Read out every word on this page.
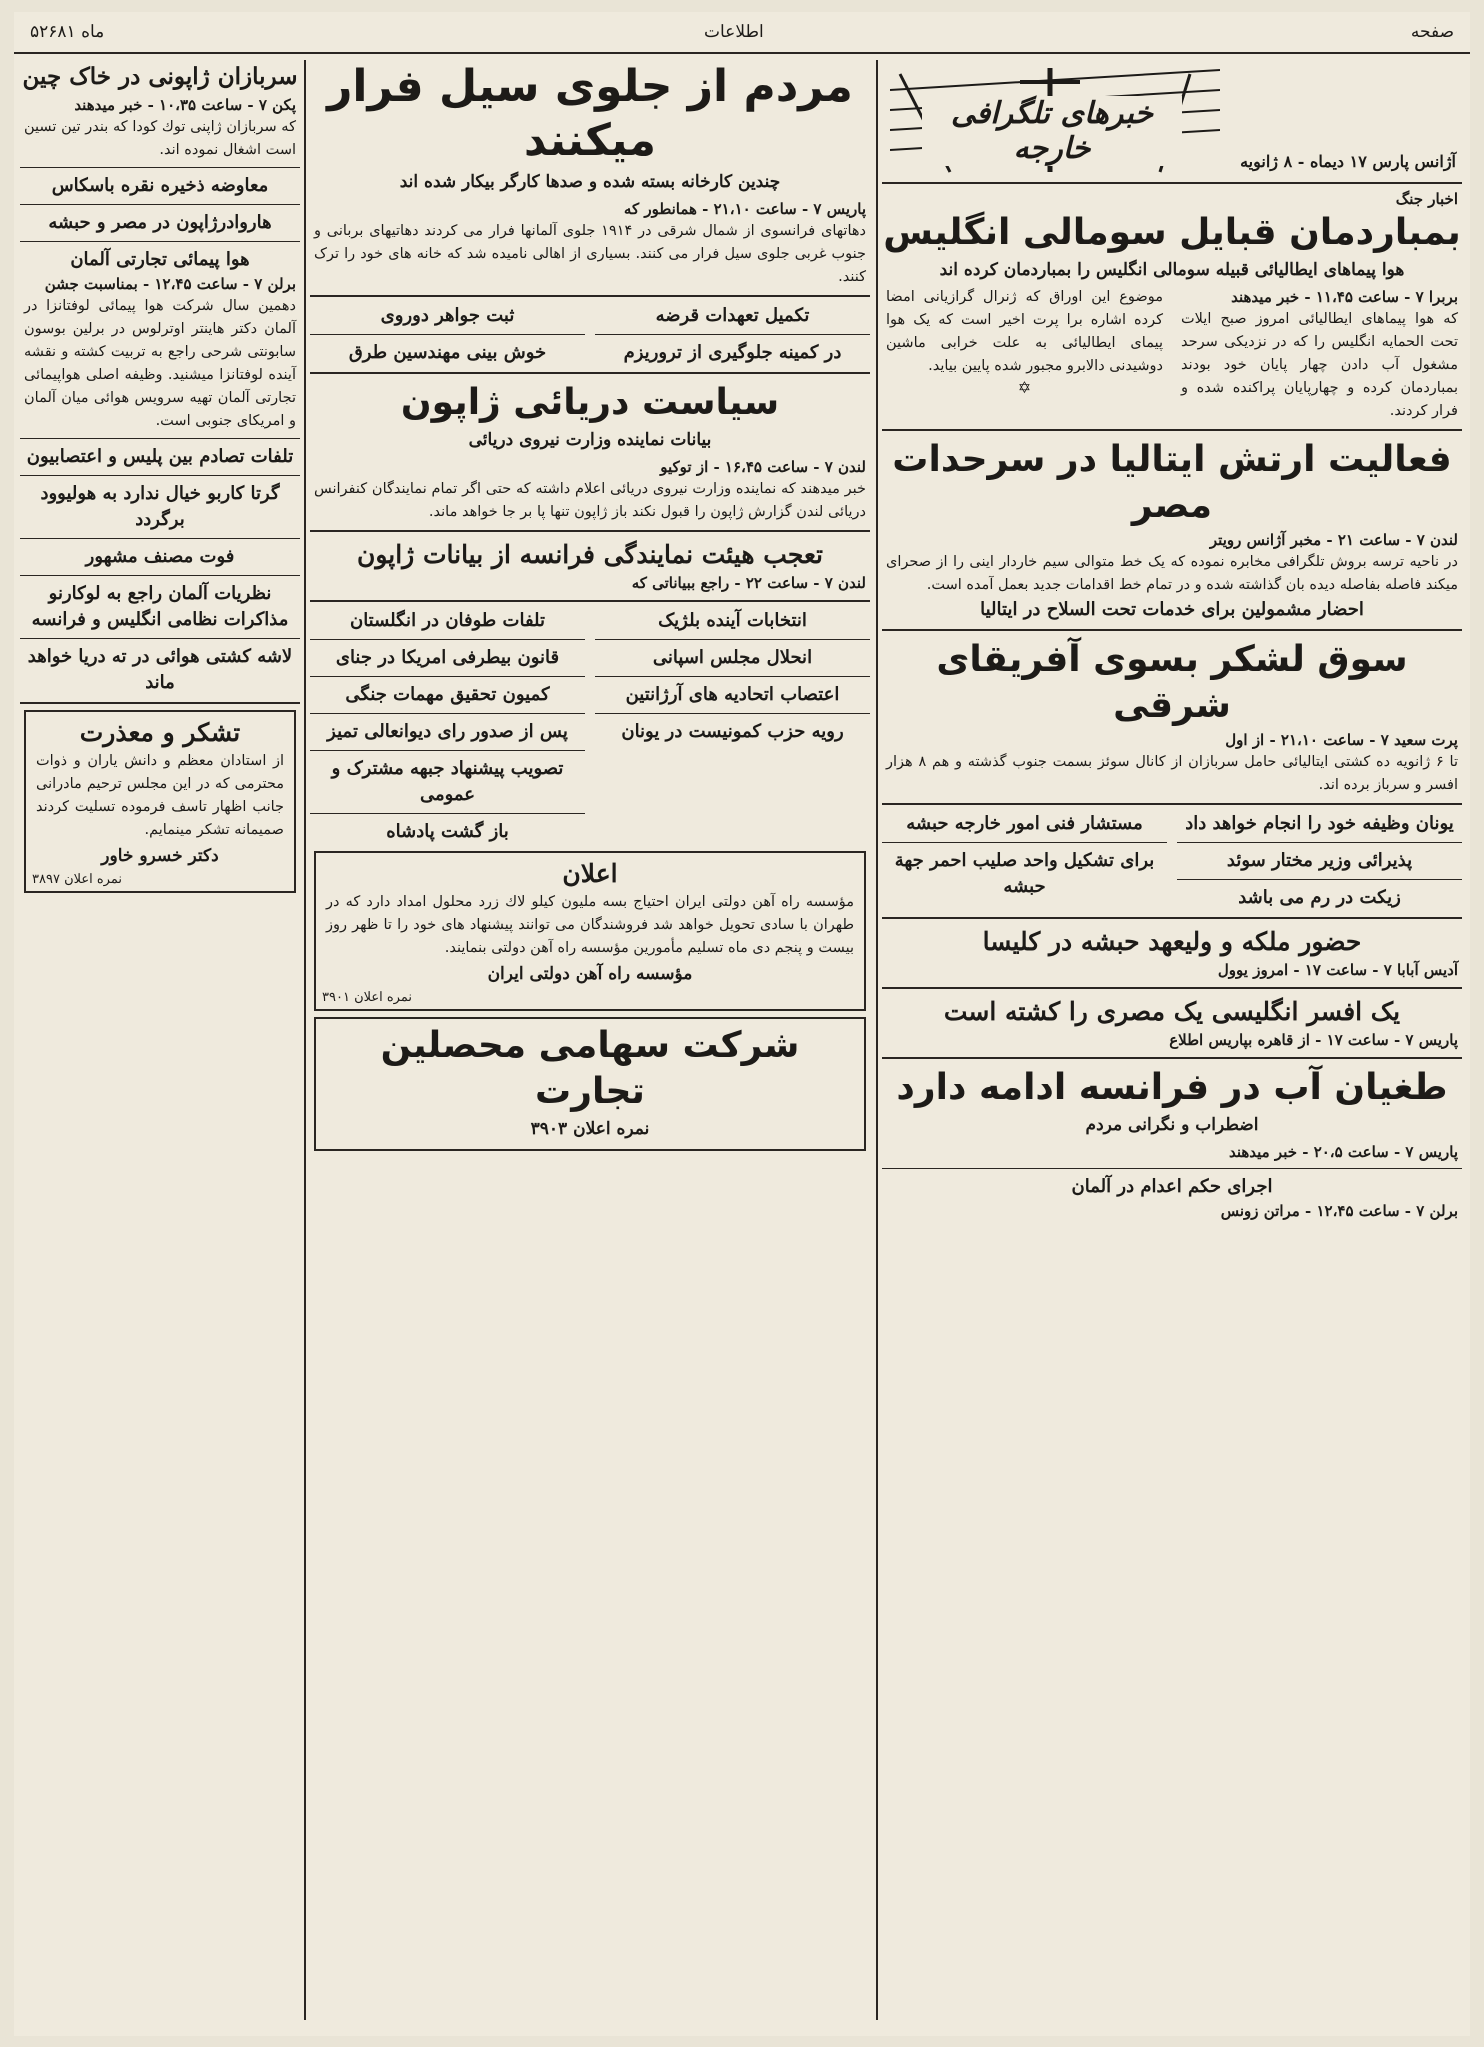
صفحه
اطلاعات
۵ماه ۲۶۸۱
خبرهای تلگرافی خارجه	آژانس پارس ۱۷ دیماه - ۸ ژانویه
اخبار جنگ
بمباردمان قبایل سومالی انگلیس
هوا پیماهای ایطالیائی قبیله سومالی انگلیس را بمباردمان کرده اند
بربرا ۷ - ساعت ۱۱،۴۵ - خبر میدهند

که هوا پیماهای ایطالیائی امروز صبح ایلات تحت الحمایه انگلیس را که در نزدیکی سرحد مشغول آب دادن چهار پایان خود بودند بمباردمان کرده و چهارپایان پراکنده شده و فرار کردند.

موضوع این اوراق که ژنرال گرازیانی امضا کرده اشاره برا پرت اخیر است که یک هوا پیمای ایطالیائی به علت خرابی ماشین دوشیدنی دالابرو مجبور شده پایین بیاید.

✡
فعالیت ارتش ایتالیا در سرحدات مصر
لندن ۷ - ساعت ۲۱ - مخبر آژانس رویتر

در ناحیه ترسه بروش تلگرافی مخابره نموده که یک خط متوالی سیم خاردار اینی را از صحرای میکند فاصله بفاصله دیده بان گذاشته شده و در تمام خط اقدامات جدید بعمل آمده است.

احضار مشمولین برای خدمات تحت السلاح در ایتالیا
سوق لشکر بسوی آفریقای شرقی
پرت سعید ۷ - ساعت ۲۱،۱۰ - از اول

تا ۶ ژانویه ده کشتی ایتالیائی حامل سربازان از کانال سوئز بسمت جنوب گذشته و هم ۸ هزار افسر و سرباز برده اند.

یونان وظیفه خود را انجام خواهد داد
پذیرائی وزیر مختار سوئد
زیکت در رم می باشد
مستشار فنی امور خارجه حبشه
برای تشکیل واحد صلیب احمر جهة حبشه
حضور ملکه و ولیعهد حبشه در کلیسا
آدیس آبابا ۷ - ساعت ۱۷ - امروز یوول
یک افسر انگلیسی یک مصری را کشته است
پاریس ۷ - ساعت ۱۷ - از قاهره بپاریس اطلاع
طغیان آب در فرانسه ادامه دارد
اضطراب و نگرانی مردم
پاریس ۷ - ساعت ۲۰،۵ - خبر میدهند
اجرای حکم اعدام در آلمان
برلن ۷ - ساعت ۱۲،۴۵ - مراتن زونس
مردم از جلوی سیل فرار میکنند
چندین کارخانه بسته شده و صدها کارگر بیکار شده اند
پاریس ۷ - ساعت ۲۱،۱۰ - همانطور که

دهاتهای فرانسوی از شمال شرقی در ۱۹۱۴ جلوی آلمانها فرار می کردند دهاتیهای بربانی و جنوب غربی جلوی سیل فرار می کنند. بسیاری از اهالی نامیده شد که خانه های خود را ترک کنند.

تکمیل تعهدات قرضه
در کمینه جلوگیری از تروریزم
ثبت جواهر دوروی
خوش بینی مهندسین طرق
سیاست دریائی ژاپون
بیانات نماینده وزارت نیروی دریائی
لندن ۷ - ساعت ۱۶،۴۵ - از توکیو

خبر میدهند که نماینده وزارت نیروی دریائی اعلام داشته که حتی اگر تمام نمایندگان کنفرانس دریائی لندن گزارش ژاپون را قبول نکند باز ژاپون تنها پا بر جا خواهد ماند.

تعجب هیئت نمایندگی فرانسه از بیانات ژاپون
لندن ۷ - ساعت ۲۲ - راجع ببیاناتی که
انتخابات آینده بلژیک
انحلال مجلس اسپانی
اعتصاب اتحادیه های آرژانتین
رویه حزب کمونیست در یونان
تلفات طوفان در انگلستان
قانون بیطرفی امریکا در جنای
کمیون تحقیق مهمات جنگی
پس از صدور رای دیوانعالی تمیز
تصویب پیشنهاد جبهه مشترک و عمومی
باز گشت پادشاه
اعلان

مؤسسه راه آهن دولتی ایران احتیاج بسه ملیون کیلو لاك زرد محلول امداد دارد که در طهران با سادی تحویل خواهد شد فروشندگان می توانند پیشنهاد های خود را تا ظهر روز بیست و پنجم دی ماه تسلیم مأمورین مؤسسه راه آهن دولتی بنمایند.

مؤسسه راه آهن دولتی ایران
نمره اعلان ۳۹۰۱
شرکت سهامی محصلین تجارت
نمره اعلان ۳۹۰۳
سربازان ژاپونی در خاک چین
پکن ۷ - ساعت ۱۰،۳۵ - خبر میدهند

که سربازان ژاپنی توك کودا که بندر تین تسین است اشغال نموده اند.

معاوضه ذخیره نقره باسکاس
هاروادرژاپون در مصر و حبشه
هوا پیمائی تجارتی آلمان
برلن ۷ - ساعت ۱۲،۴۵ - بمناسبت جشن

دهمین سال شرکت هوا پیمائی لوفتانزا در آلمان دکتر هاینتر اوترلوس در برلین بوسون سابونتی شرحی راجع به تربیت کشته و نقشه آینده لوفتانزا میشنید. وظیفه اصلی هواپیمائی تجارتی آلمان تهیه سرویس هوائی میان آلمان و امریکای جنوبی است.

تلفات تصادم بین پلیس و اعتصابیون
گرتا کاربو خیال ندارد به هولیوود برگردد
فوت مصنف مشهور
نظریات آلمان راجع به لوکارنو مذاکرات نظامی انگلیس و فرانسه
لاشه کشتی هوائی در ته دریا خواهد ماند
تشکر و معذرت

از استادان معظم و دانش یاران و ذوات محترمی که در این مجلس ترحیم مادرانی جانب اظهار تاسف فرموده تسلیت کردند صمیمانه تشکر مینمایم.

دکتر خسرو خاور
نمره اعلان ۳۸۹۷
